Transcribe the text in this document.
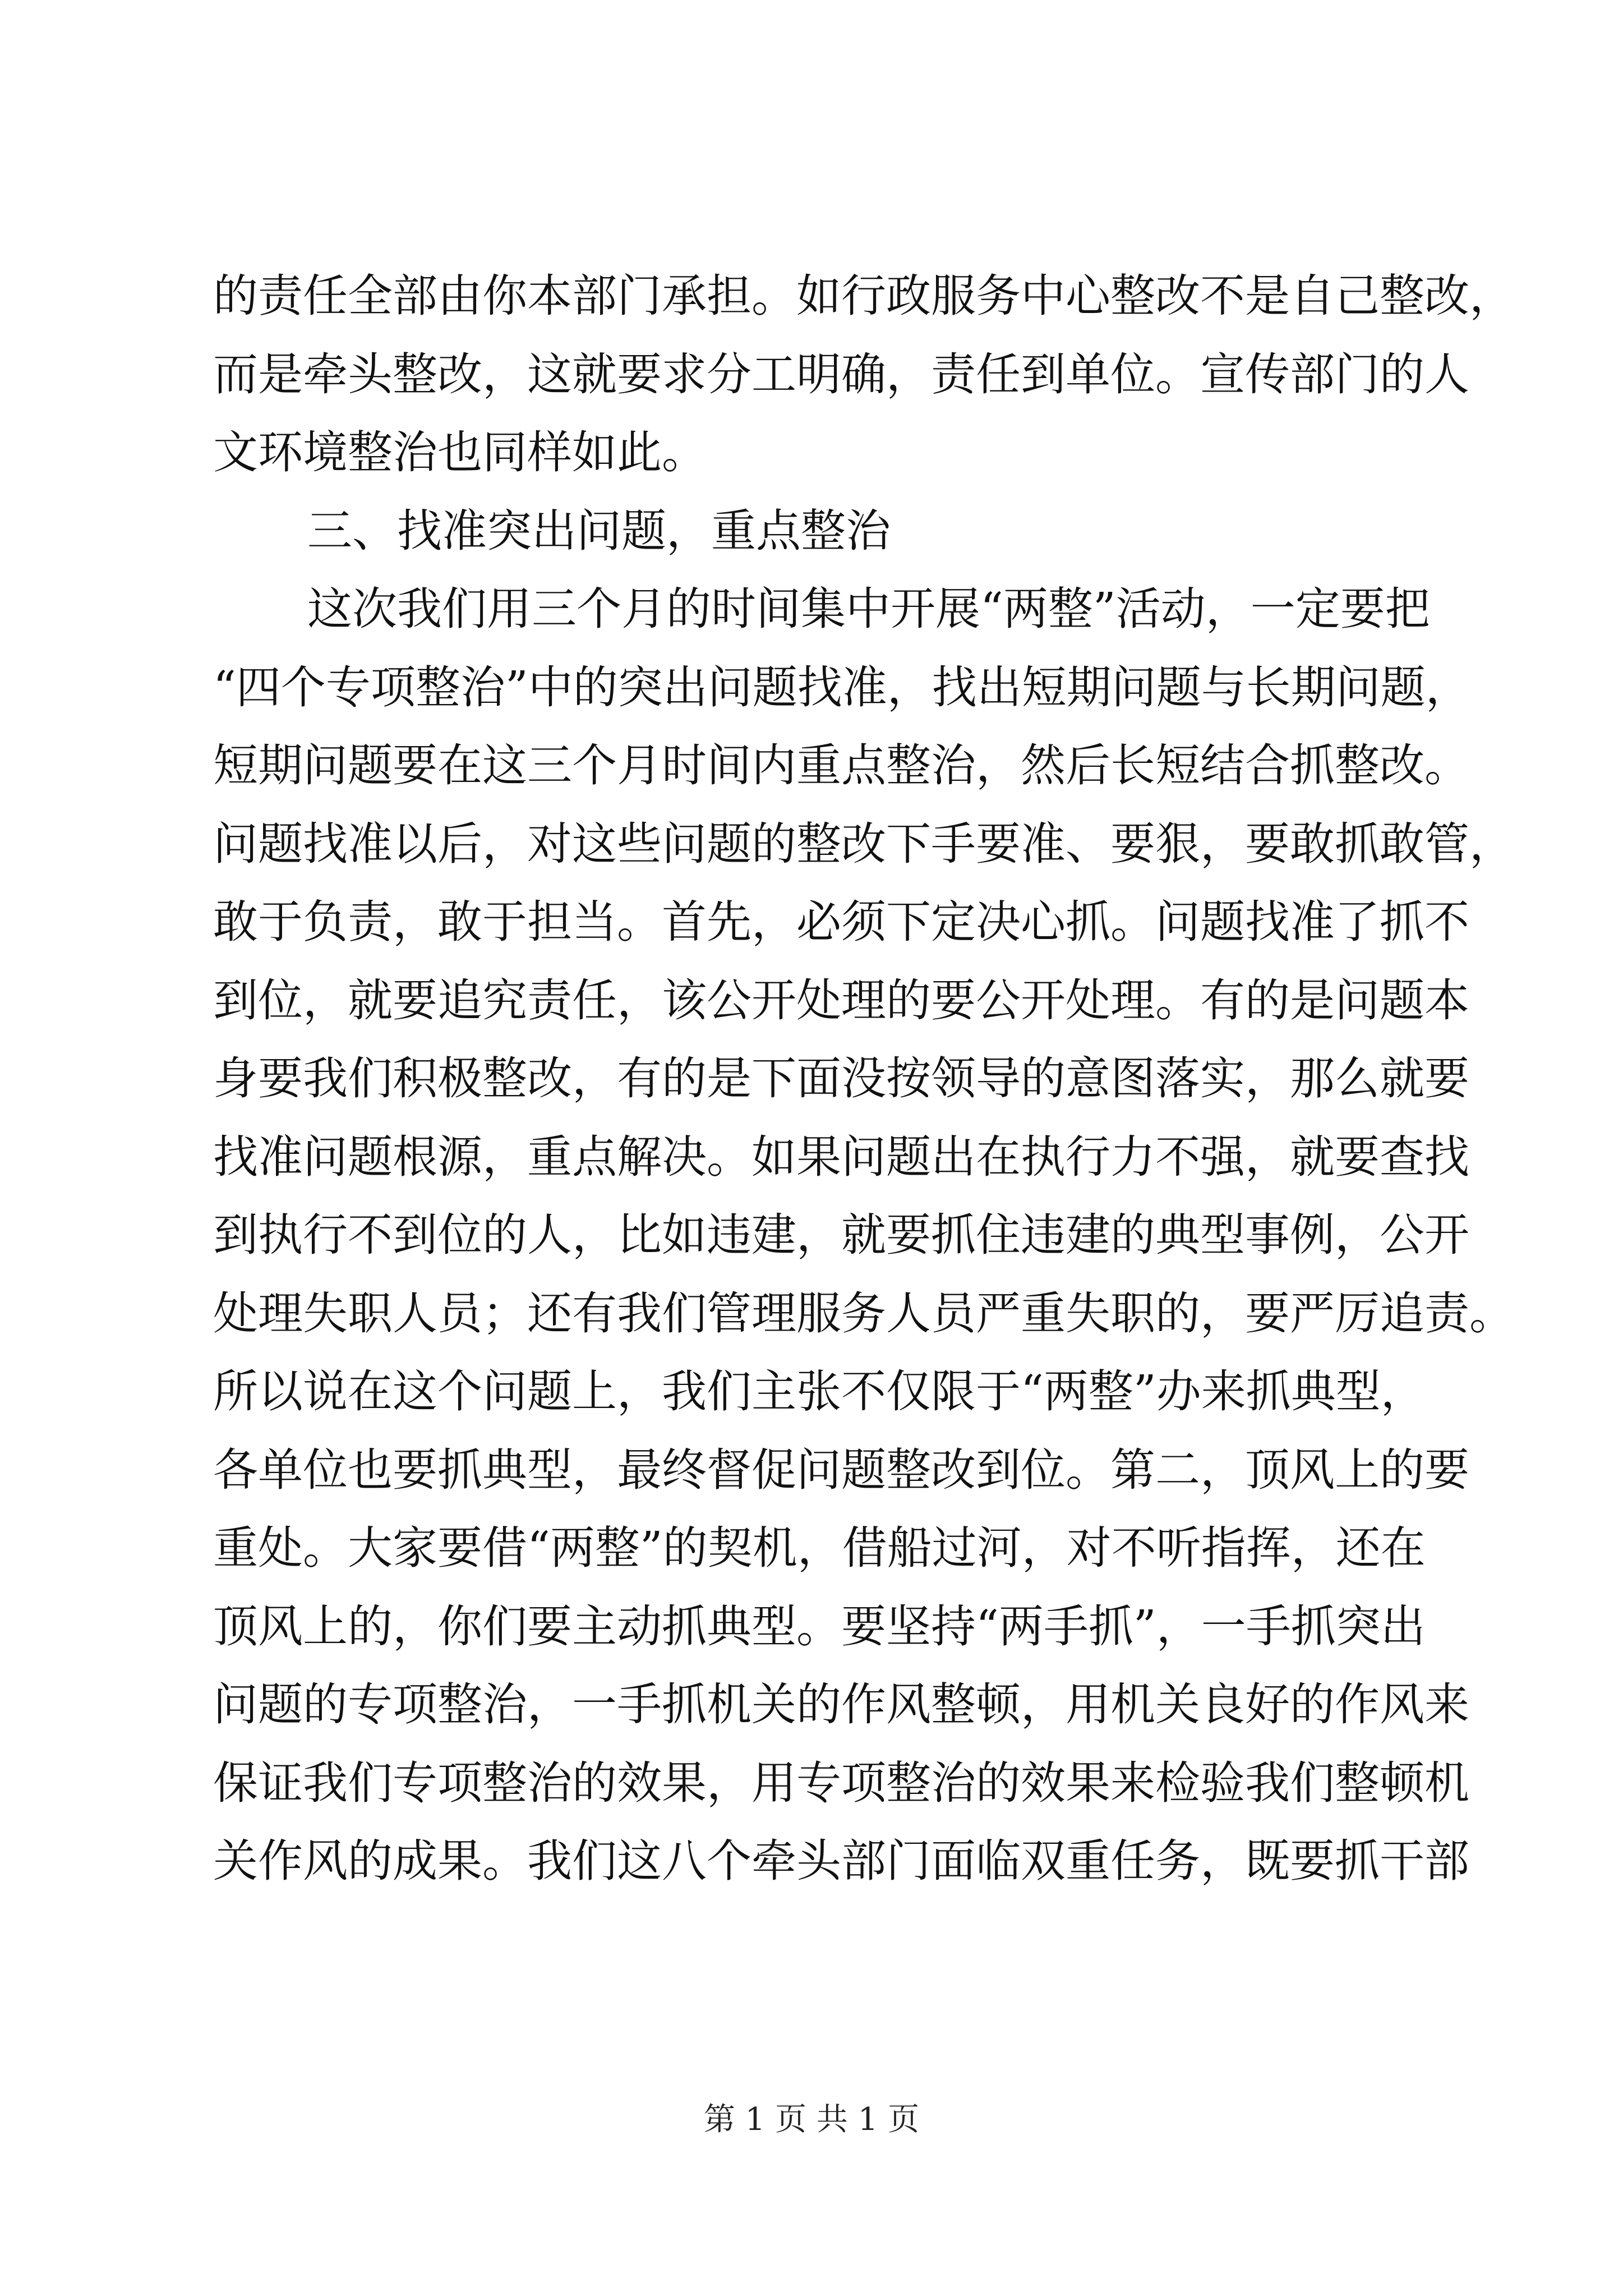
的责任全部由你本部门承担。如行政服务中心整改不是自己整改，
而是牵头整改，这就要求分工明确，责任到单位。宣传部门的人
文环境整治也同样如此。
三、找准突出问题，重点整治
这次我们用三个月的时间集中开展“两整”活动，一定要把
“四个专项整治”中的突出问题找准，找出短期问题与长期问题，
短期问题要在这三个月时间内重点整治，然后长短结合抓整改。
问题找准以后，对这些问题的整改下手要准、要狠，要敢抓敢管，
敢于负责，敢于担当。首先，必须下定决心抓。问题找准了抓不
到位，就要追究责任，该公开处理的要公开处理。有的是问题本
身要我们积极整改，有的是下面没按领导的意图落实，那么就要
找准问题根源，重点解决。如果问题出在执行力不强，就要查找
到执行不到位的人，比如违建，就要抓住违建的典型事例，公开
处理失职人员；还有我们管理服务人员严重失职的，要严厉追责。
所以说在这个问题上，我们主张不仅限于“两整”办来抓典型，
各单位也要抓典型，最终督促问题整改到位。第二，顶风上的要
重处。大家要借“两整”的契机，借船过河，对不听指挥，还在
顶风上的，你们要主动抓典型。要坚持“两手抓”，一手抓突出
问题的专项整治，一手抓机关的作风整顿，用机关良好的作风来
保证我们专项整治的效果，用专项整治的效果来检验我们整顿机
关作风的成果。我们这八个牵头部门面临双重任务，既要抓干部
第 1 页 共 1 页
